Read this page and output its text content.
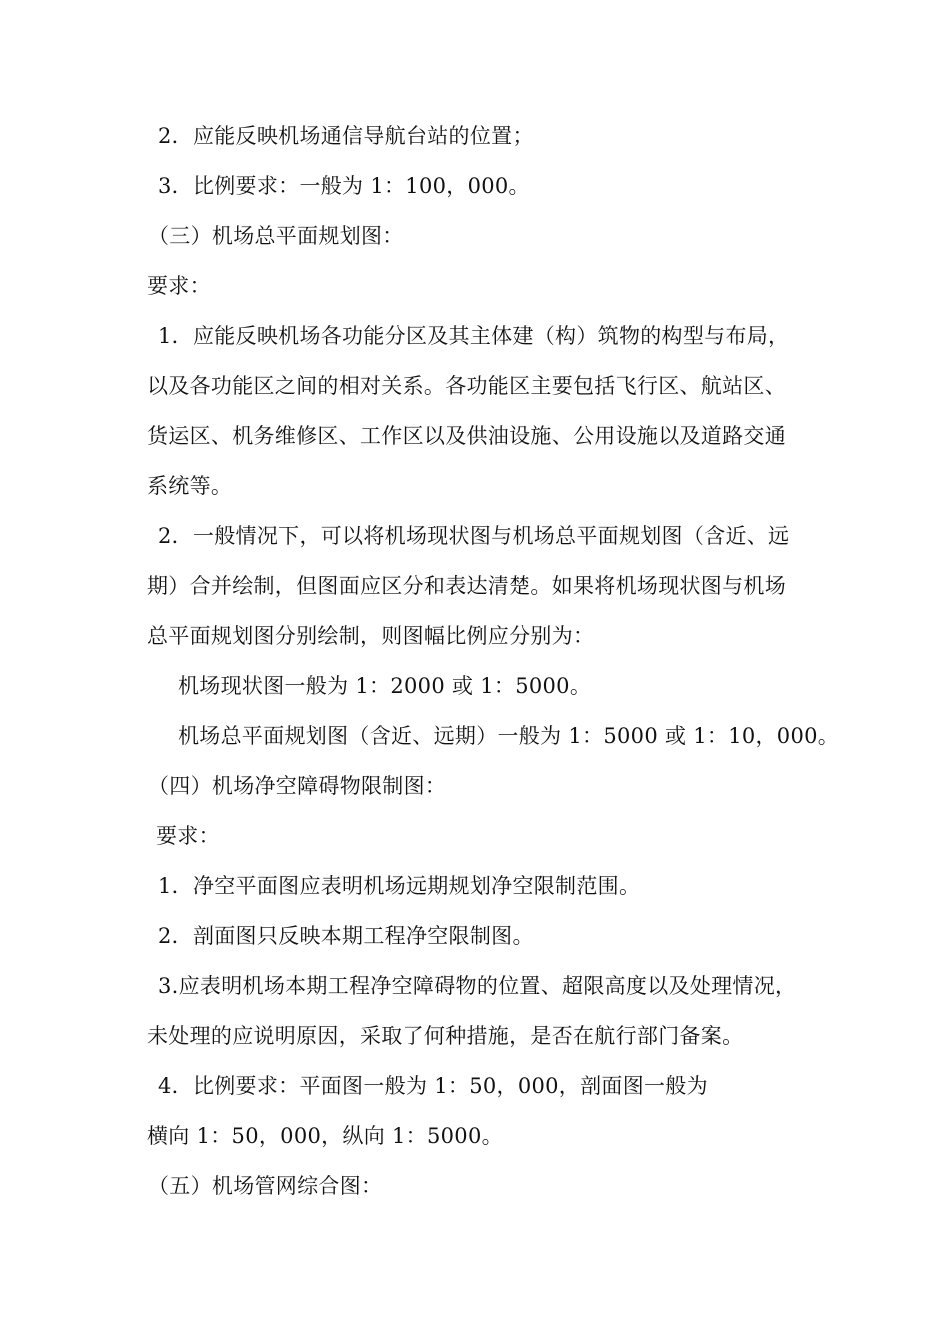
2．应能反映机场通信导航台站的位置；
3．比例要求：一般为 1：100，000。
（三）机场总平面规划图：
要求：
1．应能反映机场各功能分区及其主体建（构）筑物的构型与布局，
以及各功能区之间的相对关系。各功能区主要包括飞行区、航站区、
货运区、机务维修区、工作区以及供油设施、公用设施以及道路交通
系统等。
2．一般情况下，可以将机场现状图与机场总平面规划图（含近、远
期）合并绘制，但图面应区分和表达清楚。如果将机场现状图与机场
总平面规划图分别绘制，则图幅比例应分别为：
机场现状图一般为 1：2000 或 1：5000。
机场总平面规划图（含近、远期）一般为 1：5000 或 1：10，000。
（四）机场净空障碍物限制图：
要求：
1．净空平面图应表明机场远期规划净空限制范围。
2．剖面图只反映本期工程净空限制图。
3.应表明机场本期工程净空障碍物的位置、超限高度以及处理情况，
未处理的应说明原因，采取了何种措施，是否在航行部门备案。
4．比例要求：平面图一般为 1：50，000，剖面图一般为
横向 1：50，000，纵向 1：5000。
（五）机场管网综合图：
